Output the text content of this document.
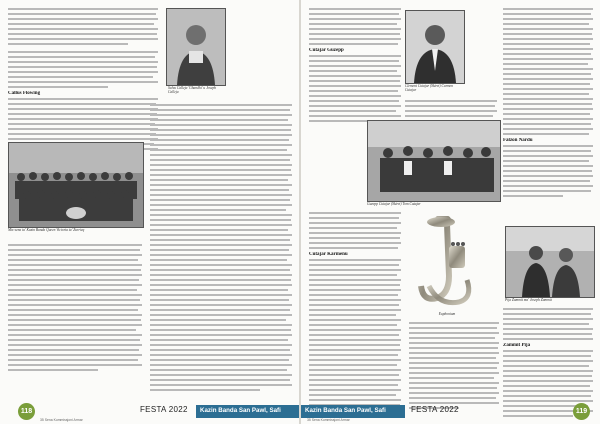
Callus Flowing
Salvu Calleja 'Ghandhi' u Joseph Calleja
Mis-sena ta' Kazin Banda Queen Victoria ta' Zurrieq
118	FESTA 2022 Kazin Banda San Pawl, Safi
35 Sena Kummissjoni Armar
Cutajar Guzepp
Clement Cutajar (Skiret) Carmen Cutajar
Guzepp Cutajar (Skiret) Tom Cutajar
Cutajar Karmenu
Euphonium
Falzon Nardu
Pija Zammit ma' Joseph Zammit
Zammit Pija
Kazin Banda San Pawl, Safi	FESTA 2022	119
35 Sena Kummissjoni Armar
